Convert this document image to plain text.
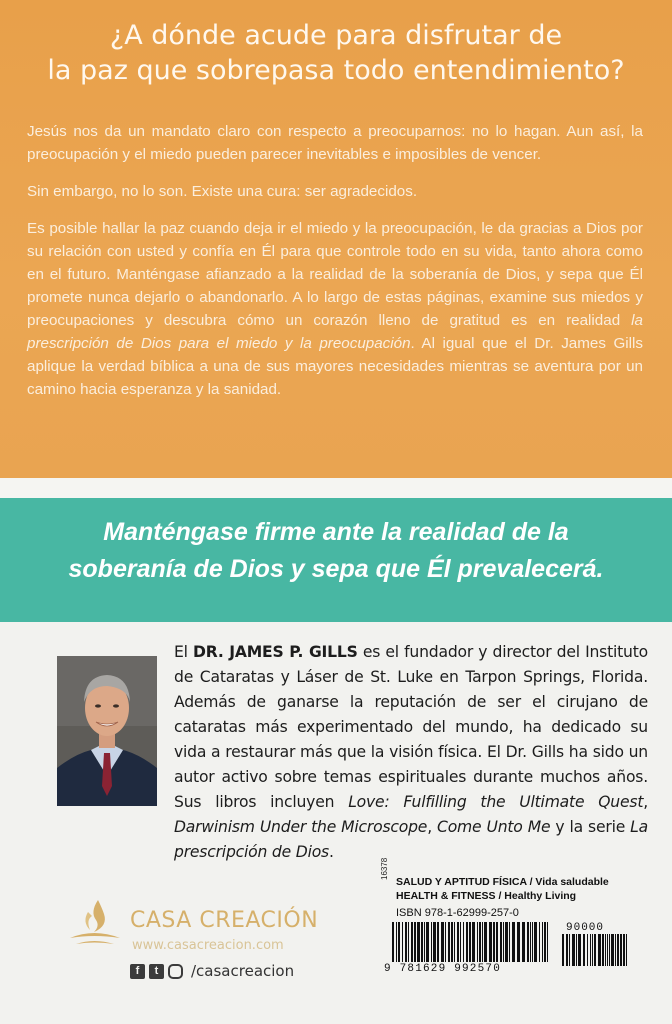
¿A dónde acude para disfrutar de
la paz que sobrepasa todo entendimiento?

Jesús nos da un mandato claro con respecto a preocuparnos: no lo hagan. Aun así, la preocupación y el miedo pueden parecer inevitables e imposibles de vencer.

Sin embargo, no lo son. Existe una cura: ser agradecidos.

Es posible hallar la paz cuando deja ir el miedo y la preocupación, le da gracias a Dios por su relación con usted y confía en Él para que controle todo en su vida, tanto ahora como en el futuro. Manténgase afianzado a la realidad de la soberanía de Dios, y sepa que Él promete nunca dejarlo o abandonarlo. A lo largo de estas páginas, examine sus miedos y preocupaciones y descubra cómo un corazón lleno de gratitud es en realidad la prescripción de Dios para el miedo y la preocupación. Al igual que el Dr. James Gills aplique la verdad bíblica a una de sus mayores necesidades mientras se aventura por un camino hacia esperanza y la sanidad.

Manténgase firme ante la realidad de la
soberanía de Dios y sepa que Él prevalecerá.
El DR. JAMES P. GILLS es el fundador y director del Instituto de Cataratas y Láser de St. Luke en Tarpon Springs, Florida. Además de ganarse la reputación de ser el cirujano de cataratas más experimentado del mundo, ha dedicado su vida a restaurar más que la visión física. El Dr. Gills ha sido un autor activo sobre temas espirituales durante muchos años. Sus libros incluyen Love: Fulfilling the Ultimate Quest, Darwinism Under the Microscope, Come Unto Me y la serie La prescripción de Dios.
CASA CREACIÓN
www.casacreacion.com
f	t	/casacreacion
16378
SALUD Y APTITUD FÍSICA / Vida saludable
HEALTH & FITNESS / Healthy Living
ISBN 978-1-62999-257-0
9 781629 992570
90000
